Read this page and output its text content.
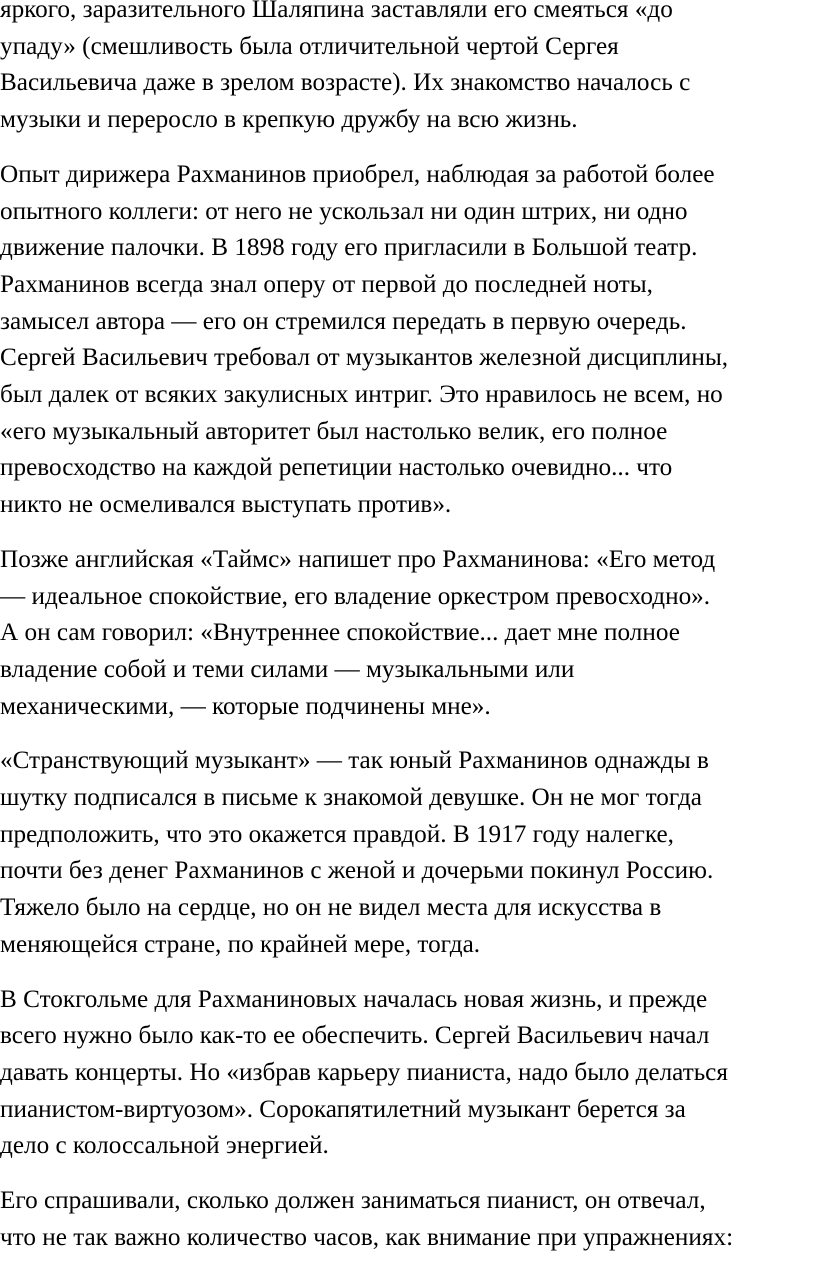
яркого, заразительного Шаляпина заставляли его смеяться «до
упаду» (смешливость была отличительной чертой Сергея
Васильевича даже в зрелом возрасте). Их знакомство началось с
музыки и переросло в крепкую дружбу на всю жизнь.

Опыт дирижера Рахманинов приобрел, наблюдая за работой более
опытного коллеги: от него не ускользал ни один штрих, ни одно
движение палочки. В 1898 году его пригласили в Большой театр.
Рахманинов всегда знал оперу от первой до последней ноты,
замысел автора — его он стремился передать в первую очередь.
Сергей Васильевич требовал от музыкантов железной дисциплины,
был далек от всяких закулисных интриг. Это нравилось не всем, но
«его музыкальный авторитет был настолько велик, его полное
превосходство на каждой репетиции настолько очевидно... что
никто не осмеливался выступать против».

Позже английская «Таймс» напишет про Рахманинова: «Его метод
— идеальное спокойствие, его владение оркестром превосходно».
А он сам говорил: «Внутреннее спокойствие... дает мне полное
владение собой и теми силами — музыкальными или
механическими, — которые подчинены мне».

«Странствующий музыкант» — так юный Рахманинов однажды в
шутку подписался в письме к знакомой девушке. Он не мог тогда
предположить, что это окажется правдой. В 1917 году налегке,
почти без денег Рахманинов с женой и дочерьми покинул Россию.
Тяжело было на сердце, но он не видел места для искусства в
меняющейся стране, по крайней мере, тогда.

В Стокгольме для Рахманиновых началась новая жизнь, и прежде
всего нужно было как-то ее обеспечить. Сергей Васильевич начал
давать концерты. Но «избрав карьеру пианиста, надо было делаться
пианистом-виртуозом». Сорокапятилетний музыкант берется за
дело с колоссальной энергией.

Его спрашивали, сколько должен заниматься пианист, он отвечал,
что не так важно количество часов, как внимание при упражнениях:
